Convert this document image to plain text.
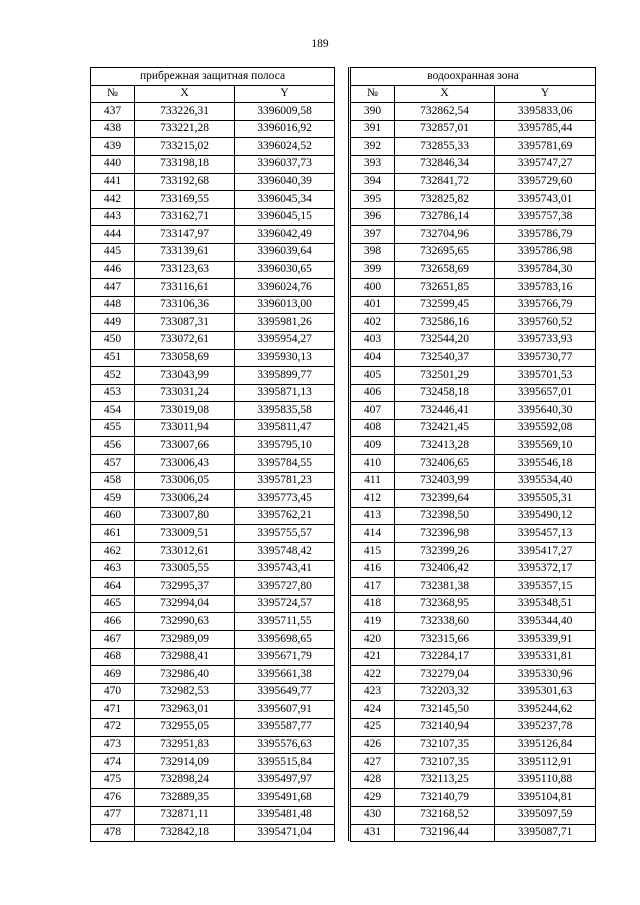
189
прибрежная защитная полоса		
№	X	Y
437	733226,31	3396009,58
438	733221,28	3396016,92
439	733215,02	3396024,52
440	733198,18	3396037,73
441	733192,68	3396040,39
442	733169,55	3396045,34
443	733162,71	3396045,15
444	733147,97	3396042,49
445	733139,61	3396039,64
446	733123,63	3396030,65
447	733116,61	3396024,76
448	733106,36	3396013,00
449	733087,31	3395981,26
450	733072,61	3395954,27
451	733058,69	3395930,13
452	733043,99	3395899,77
453	733031,24	3395871,13
454	733019,08	3395835,58
455	733011,94	3395811,47
456	733007,66	3395795,10
457	733006,43	3395784,55
458	733006,05	3395781,23
459	733006,24	3395773,45
460	733007,80	3395762,21
461	733009,51	3395755,57
462	733012,61	3395748,42
463	733005,55	3395743,41
464	732995,37	3395727,80
465	732994,04	3395724,57
466	732990,63	3395711,55
467	732989,09	3395698,65
468	732988,41	3395671,79
469	732986,40	3395661,38
470	732982,53	3395649,77
471	732963,01	3395607,91
472	732955,05	3395587,77
473	732951,83	3395576,63
474	732914,09	3395515,84
475	732898,24	3395497,97
476	732889,35	3395491,68
477	732871,11	3395481,48
478	732842,18	3395471,04
водоохранная зона		
№	X	Y
390	732862,54	3395833,06
391	732857,01	3395785,44
392	732855,33	3395781,69
393	732846,34	3395747,27
394	732841,72	3395729,60
395	732825,82	3395743,01
396	732786,14	3395757,38
397	732704,96	3395786,79
398	732695,65	3395786,98
399	732658,69	3395784,30
400	732651,85	3395783,16
401	732599,45	3395766,79
402	732586,16	3395760,52
403	732544,20	3395733,93
404	732540,37	3395730,77
405	732501,29	3395701,53
406	732458,18	3395657,01
407	732446,41	3395640,30
408	732421,45	3395592,08
409	732413,28	3395569,10
410	732406,65	3395546,18
411	732403,99	3395534,40
412	732399,64	3395505,31
413	732398,50	3395490,12
414	732396,98	3395457,13
415	732399,26	3395417,27
416	732406,42	3395372,17
417	732381,38	3395357,15
418	732368,95	3395348,51
419	732338,60	3395344,40
420	732315,66	3395339,91
421	732284,17	3395331,81
422	732279,04	3395330,96
423	732203,32	3395301,63
424	732145,50	3395244,62
425	732140,94	3395237,78
426	732107,35	3395126,84
427	732107,35	3395112,91
428	732113,25	3395110,88
429	732140,79	3395104,81
430	732168,52	3395097,59
431	732196,44	3395087,71
